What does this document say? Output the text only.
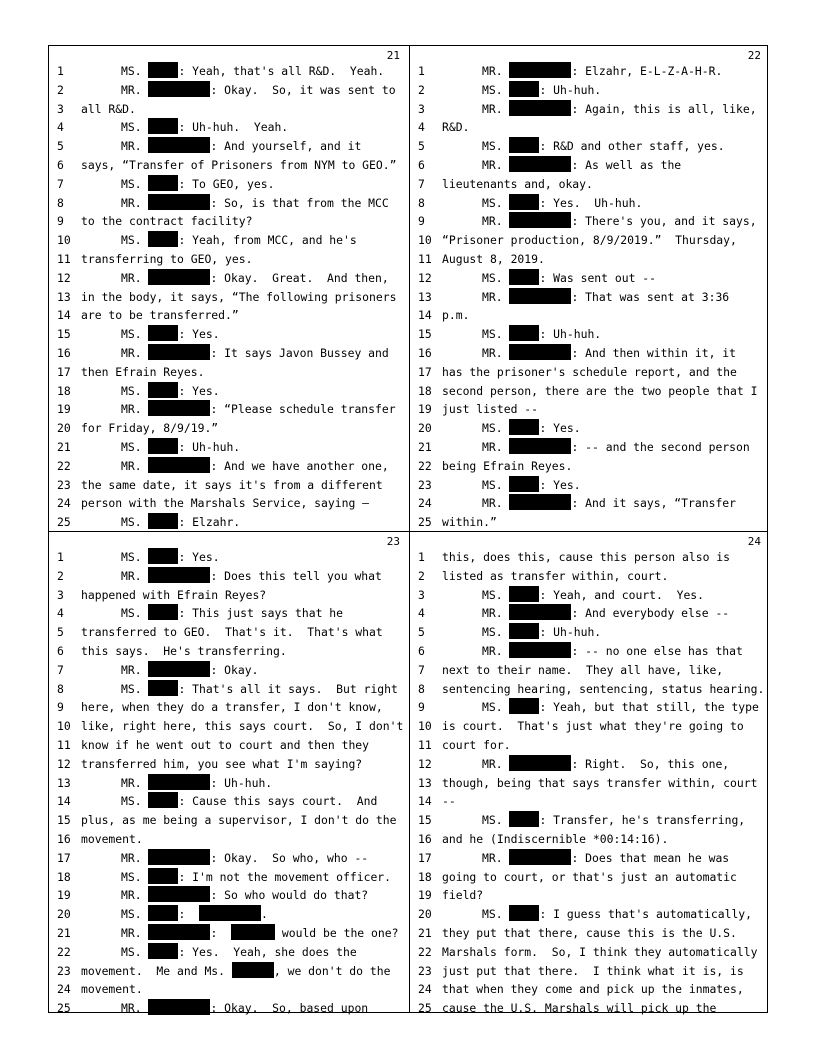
21
1	MS.	: Yeah, that's all R&D.  Yeah.
2	MR.	: Okay.  So, it was sent to
3	all R&D.
4	MS.	: Uh-huh.  Yeah.
5	MR.	: And yourself, and it
6	says, “Transfer of Prisoners from NYM to GEO.”
7	MS.	: To GEO, yes.
8	MR.	: So, is that from the MCC
9	to the contract facility?
10	MS.	: Yeah, from MCC, and he's
11 transferring to GEO, yes.
12	MR.	: Okay.  Great.  And then,
13 in the body, it says, “The following prisoners
14 are to be transferred.”
15	MS.	: Yes.
16	MR.	: It says Javon Bussey and
17 then Efrain Reyes.
18	MS.	: Yes.
19	MR.	: “Please schedule transfer
20 for Friday, 8/9/19.”
21	MS.	: Uh-huh.
22	MR.	: And we have another one,
23 the same date, it says it's from a different
24 person with the Marshals Service, saying –
25	MS.	: Elzahr.
22
1	MR.	: Elzahr, E-L-Z-A-H-R.
2	MS.	: Uh-huh.
3	MR.	: Again, this is all, like,
4	R&D.
5	MS.	: R&D and other staff, yes.
6	MR.	: As well as the
7	lieutenants and, okay.
8	MS.	: Yes.  Uh-huh.
9	MR.	: There's you, and it says,
10 “Prisoner production, 8/9/2019.”  Thursday,
11 August 8, 2019.
12	MS.	: Was sent out --
13	MR.	: That was sent at 3:36
14 p.m.
15	MS.	: Uh-huh.
16	MR.	: And then within it, it
17 has the prisoner's schedule report, and the
18 second person, there are the two people that I
19 just listed --
20	MS.	: Yes.
21	MR.	: -- and the second person
22 being Efrain Reyes.
23	MS.	: Yes.
24	MR.	: And it says, “Transfer
25 within.”
23
1	MS.	: Yes.
2	MR.	: Does this tell you what
3	happened with Efrain Reyes?
4	MS.	: This just says that he
5	transferred to GEO.  That's it.  That's what
6	this says.  He's transferring.
7	MR.	: Okay.
8	MS.	: That's all it says.  But right
9	here, when they do a transfer, I don't know,
10 like, right here, this says court.  So, I don't
11 know if he went out to court and then they
12 transferred him, you see what I'm saying?
13	MR.	: Uh-huh.
14	MS.	: Cause this says court.  And
15 plus, as me being a supervisor, I don't do the
16 movement.
17	MR.	: Okay.  So who, who --
18	MS.	: I'm not the movement officer.
19	MR.	: So who would do that?
20	MS.	:	.
21	MR.	:	would be the one?
22	MS.	: Yes.  Yeah, she does the
23 movement.  Me and Ms.	, we don't do the
24 movement.
25	MR.	: Okay.  So, based upon
24
1	this, does this, cause this person also is
2	listed as transfer within, court.
3	MS.	: Yeah, and court.  Yes.
4	MR.	: And everybody else --
5	MS.	: Uh-huh.
6	MR.	: -- no one else has that
7	next to their name.  They all have, like,
8	sentencing hearing, sentencing, status hearing.
9	MS.	: Yeah, but that still, the type
10 is court.  That's just what they're going to
11 court for.
12	MR.	: Right.  So, this one,
13 though, being that says transfer within, court
14 --
15	MS.	: Transfer, he's transferring,
16 and he (Indiscernible *00:14:16).
17	MR.	: Does that mean he was
18 going to court, or that's just an automatic
19 field?
20	MS.	: I guess that's automatically,
21 they put that there, cause this is the U.S.
22 Marshals form.  So, I think they automatically
23 just put that there.  I think what it is, is
24 that when they come and pick up the inmates,
25 cause the U.S. Marshals will pick up the
